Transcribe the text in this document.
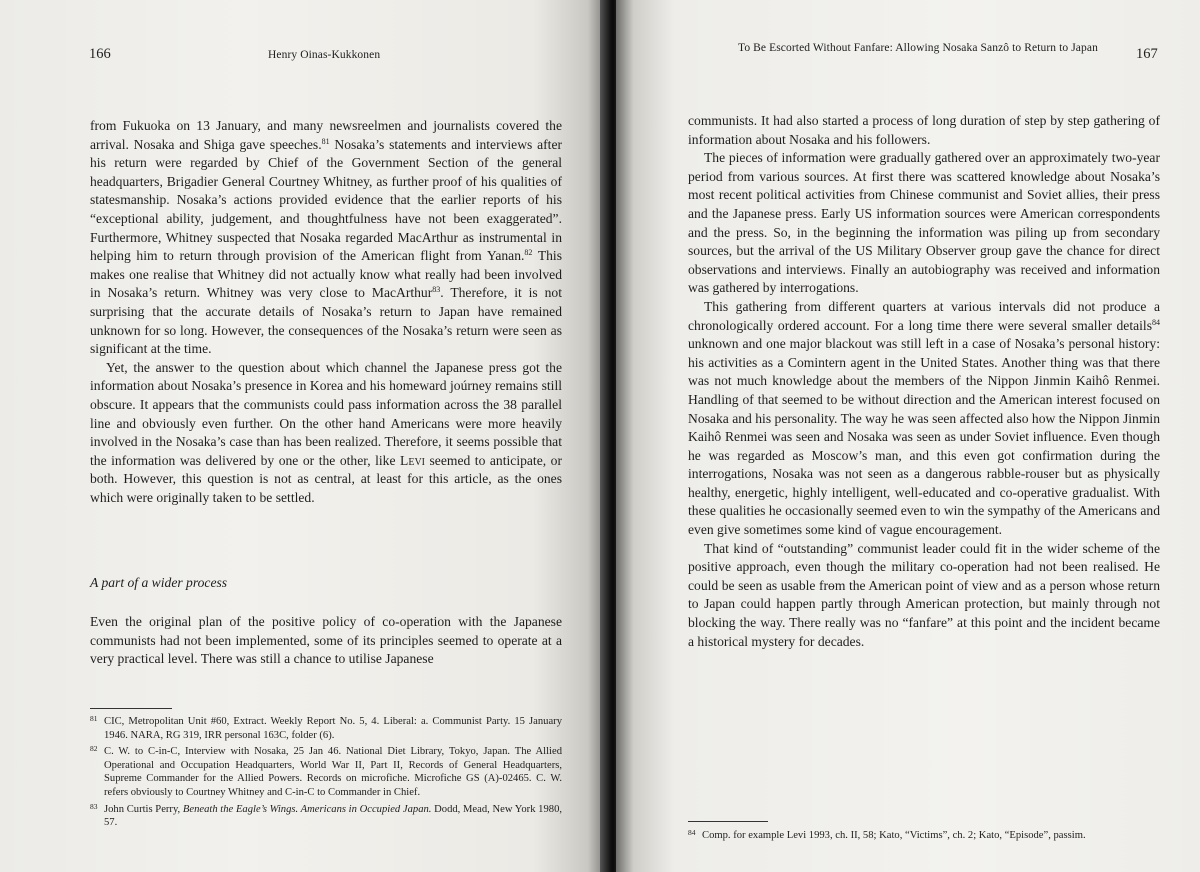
166	Henry Oinas-Kukkonen

from Fukuoka on 13 January, and many newsreelmen and journalists covered the arrival. Nosaka and Shiga gave speeches.$^{81}$ Nosaka’s statements and interviews after his return were regarded by Chief of the Government Section of the general headquarters, Brigadier General Courtney Whitney, as further proof of his qualities of statesmanship. Nosaka’s actions provided evidence that the earlier reports of his “exceptional ability, judgement, and thoughtfulness have not been exaggerated”. Furthermore, Whitney suspected that Nosaka regarded MacArthur as instrumental in helping him to return through provision of the American flight from Yanan.$^{82}$ This makes one realise that Whitney did not actually know what really had been involved in Nosaka’s return. Whitney was very close to MacArthur$^{83}$. Therefore, it is not surprising that the accurate details of Nosaka’s return to Japan have remained unknown for so long. However, the consequences of the Nosaka’s return were seen as significant at the time.

Yet, the answer to the question about which channel the Japanese press got the information about Nosaka’s presence in Korea and his homeward joúrney remains still obscure. It appears that the communists could pass information across the 38 parallel line and obviously even further. On the other hand Americans were more heavily involved in the Nosaka’s case than has been realized. Therefore, it seems possible that the information was delivered by one or the other, like Levi seemed to anticipate, or both. However, this question is not as central, at least for this article, as the ones which were originally taken to be settled.

A part of a wider process

Even the original plan of the positive policy of co-operation with the Japanese communists had not been implemented, some of its principles seemed to operate at a very practical level. There was still a chance to utilise Japanese

81 CIC, Metropolitan Unit #60, Extract. Weekly Report No. 5, 4. Liberal: a. Communist Party. 15 January 1946. NARA, RG 319, IRR personal 163C, folder (6).
82 C. W. to C-in-C, Interview with Nosaka, 25 Jan 46. National Diet Library, Tokyo, Japan. The Allied Operational and Occupation Headquarters, World War II, Part II, Records of General Headquarters, Supreme Commander for the Allied Powers. Records on microfiche. Microfiche GS (A)-02465. C. W. refers obviously to Courtney Whitney and C-in-C to Commander in Chief.
83 John Curtis Perry, Beneath the Eagle’s Wings. Americans in Occupied Japan. Dodd, Mead, New York 1980, 57.
To Be Escorted Without Fanfare: Allowing Nosaka Sanzô to Return to Japan	167

communists. It had also started a process of long duration of step by step gathering of information about Nosaka and his followers.

The pieces of information were gradually gathered over an approximately two-year period from various sources. At first there was scattered knowledge about Nosaka’s most recent political activities from Chinese communist and Soviet allies, their press and the Japanese press. Early US information sources were American correspondents and the press. So, in the beginning the information was piling up from secondary sources, but the arrival of the US Military Observer group gave the chance for direct observations and interviews. Finally an autobiography was received and information was gathered by interrogations.

This gathering from different quarters at various intervals did not produce a chronologically ordered account. For a long time there were several smaller details$^{84}$ unknown and one major blackout was still left in a case of Nosaka’s personal history: his activities as a Comintern agent in the United States. Another thing was that there was not much knowledge about the members of the Nippon Jinmin Kaihô Renmei. Handling of that seemed to be without direction and the American interest focused on Nosaka and his personality. The way he was seen affected also how the Nippon Jinmin Kaihô Renmei was seen and Nosaka was seen as under Soviet influence. Even though he was regarded as Moscow’s man, and this even got confirmation during the interrogations, Nosaka was not seen as a dangerous rabble-rouser but as physically healthy, energetic, highly intelligent, well-educated and co-operative gradualist. With these qualities he occasionally seemed even to win the sympathy of the Americans and even give sometimes some kind of vague encouragement.

That kind of “outstanding” communist leader could fit in the wider scheme of the positive approach, even though the military co-operation had not been realised. He could be seen as usable frɵm the American point of view and as a person whose return to Japan could happen partly through American protection, but mainly through not blocking the way. There really was no “fanfare” at this point and the incident became a historical mystery for decades.

84 Comp. for example Levi 1993, ch. II, 58; Kato, “Victims”, ch. 2; Kato, “Episode”, passim.
